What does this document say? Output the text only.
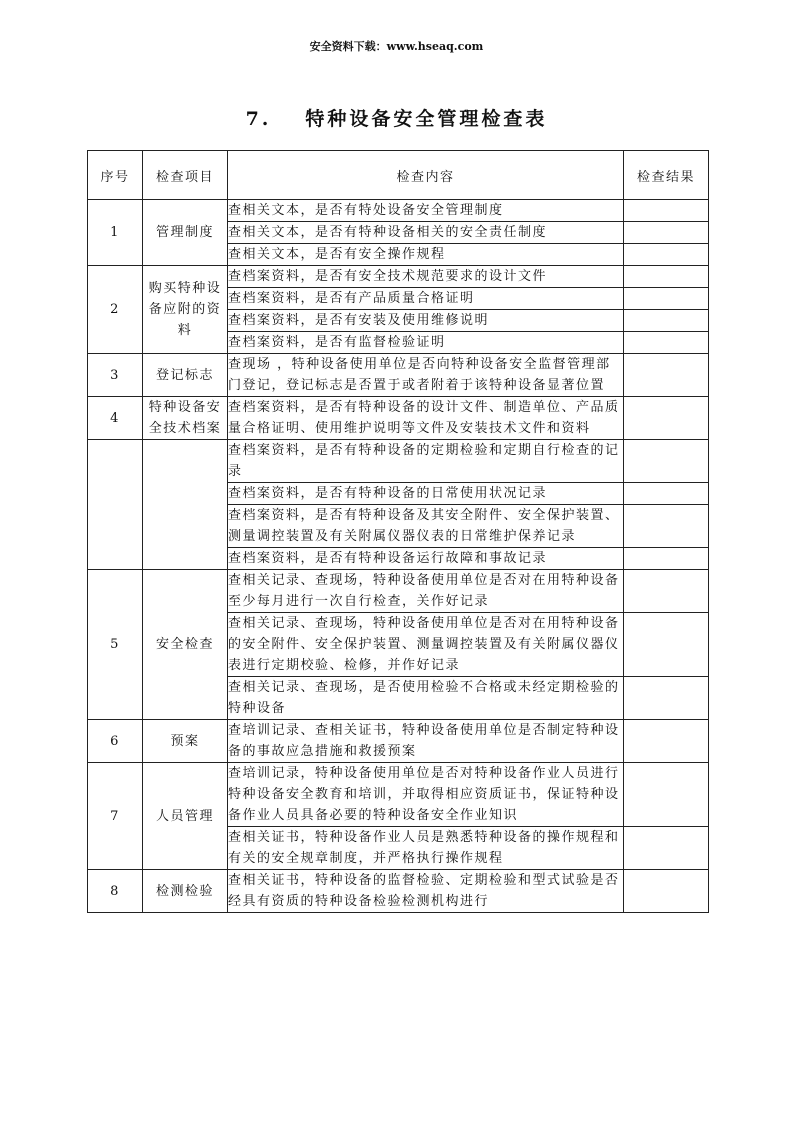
安全资料下载：www.hseaq.com
7. 特种设备安全管理检查表
序号	检查项目	检查内容	检查结果
1	管理制度	查相关文本，是否有特处设备安全管理制度	
		查相关文本，是否有特种设备相关的安全责任制度	
		查相关文本，是否有安全操作规程	
2	购买特种设备应附的资料	查档案资料，是否有安全技术规范要求的设计文件	
		查档案资料，是否有产品质量合格证明	
		查档案资料，是否有安装及使用维修说明	
		查档案资料，是否有监督检验证明	
3	登记标志	查现场 ，特种设备使用单位是否向特种设备安全监督管理部门登记，登记标志是否置于或者附着于该特种设备显著位置	
4	特种设备安全技术档案	查档案资料，是否有特种设备的设计文件、制造单位、产品质量合格证明、使用维护说明等文件及安装技术文件和资料	
		查档案资料，是否有特种设备的定期检验和定期自行检查的记录	
		查档案资料，是否有特种设备的日常使用状况记录	
		查档案资料，是否有特种设备及其安全附件、安全保护装置、测量调控装置及有关附属仪器仪表的日常维护保养记录	
		查档案资料，是否有特种设备运行故障和事故记录	
5	安全检查	查相关记录、查现场，特种设备使用单位是否对在用特种设备至少每月进行一次自行检查，关作好记录	
		查相关记录、查现场，特种设备使用单位是否对在用特种设备的安全附件、安全保护装置、测量调控装置及有关附属仪器仪表进行定期校验、检修，并作好记录	
		查相关记录、查现场，是否使用检验不合格或未经定期检验的特种设备	
6	预案	查培训记录、查相关证书，特种设备使用单位是否制定特种设备的事故应急措施和救援预案	
7	人员管理	查培训记录，特种设备使用单位是否对特种设备作业人员进行特种设备安全教育和培训，并取得相应资质证书，保证特种设备作业人员具备必要的特种设备安全作业知识	
		查相关证书，特种设备作业人员是熟悉特种设备的操作规程和有关的安全规章制度，并严格执行操作规程	
8	检测检验	查相关证书，特种设备的监督检验、定期检验和型式试验是否经具有资质的特种设备检验检测机构进行	
